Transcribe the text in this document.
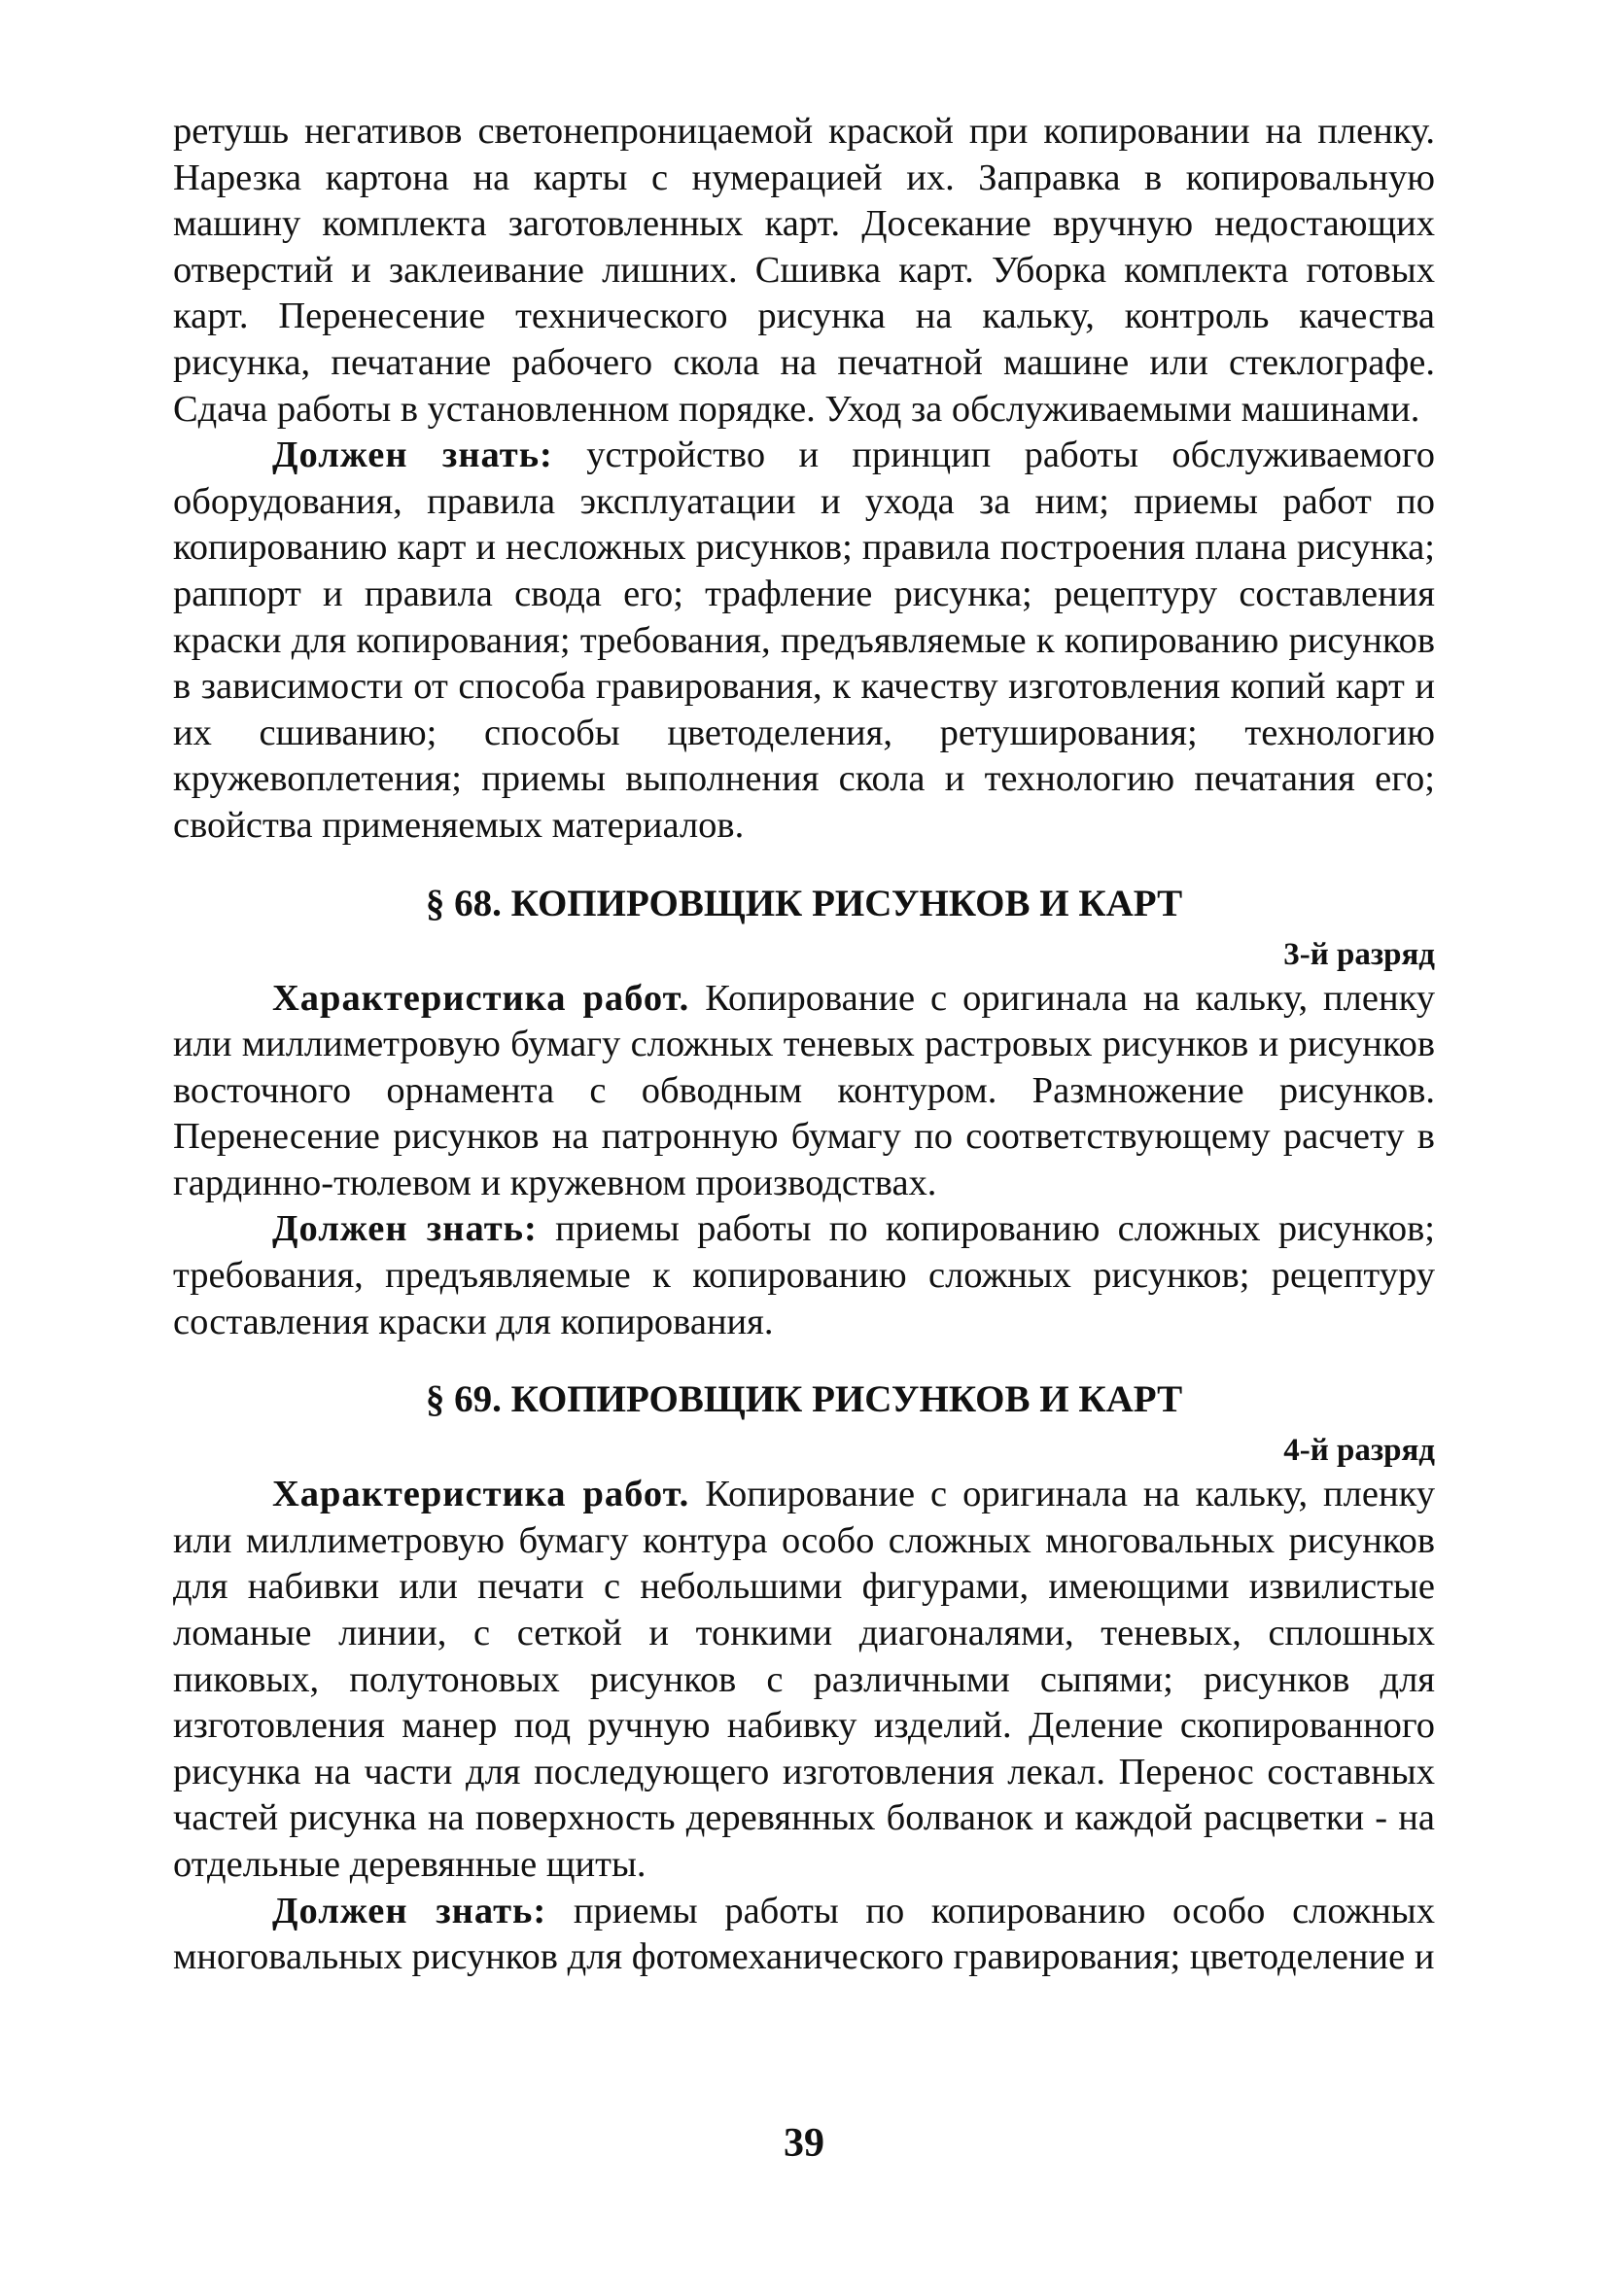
ретушь негативов светонепроницаемой краской при копировании на пленку. Нарезка картона на карты с нумерацией их. Заправка в копировальную машину комплекта заготовленных карт. Досекание вручную недостающих отверстий и заклеивание лишних. Сшивка карт. Уборка комплекта готовых карт. Перенесение технического рисунка на кальку, контроль качества рисунка, печатание рабочего скола на печатной машине или стеклографе. Сдача работы в установленном порядке. Уход за обслуживаемыми машинами.

Должен знать: устройство и принцип работы обслуживаемого оборудования, правила эксплуатации и ухода за ним; приемы работ по копированию карт и несложных рисунков; правила построения плана рисунка; раппорт и правила свода его; трафление рисунка; рецептуру составления краски для копирования; требования, предъявляемые к копированию рисунков в зависимости от способа гравирования, к качеству изготовления копий карт и их сшиванию; способы цветоделения, ретуширования; технологию кружевоплетения; приемы выполнения скола и технологию печатания его; свойства применяемых материалов.

§ 68. КОПИРОВЩИК РИСУНКОВ И КАРТ
3-й разряд

Характеристика работ. Копирование с оригинала на кальку, пленку или миллиметровую бумагу сложных теневых растровых рисунков и рисунков восточного орнамента с обводным контуром. Размножение рисунков. Перенесение рисунков на патронную бумагу по соответствующему расчету в гардинно-тюлевом и кружевном производствах.

Должен знать: приемы работы по копированию сложных рисунков; требования, предъявляемые к копированию сложных рисунков; рецептуру составления краски для копирования.

§ 69. КОПИРОВЩИК РИСУНКОВ И КАРТ
4-й разряд

Характеристика работ. Копирование с оригинала на кальку, пленку или миллиметровую бумагу контура особо сложных многовальных рисунков для набивки или печати с небольшими фигурами, имеющими извилистые ломаные линии, с сеткой и тонкими диагоналями, теневых, сплошных пиковых, полутоновых рисунков с различными сыпями; рисунков для изготовления манер под ручную набивку изделий. Деление скопированного рисунка на части для последующего изготовления лекал. Перенос составных частей рисунка на поверхность деревянных болванок и каждой расцветки - на отдельные деревянные щиты.

Должен знать: приемы работы по копированию особо сложных многовальных рисунков для фотомеханического гравирования; цветоделение и

39
